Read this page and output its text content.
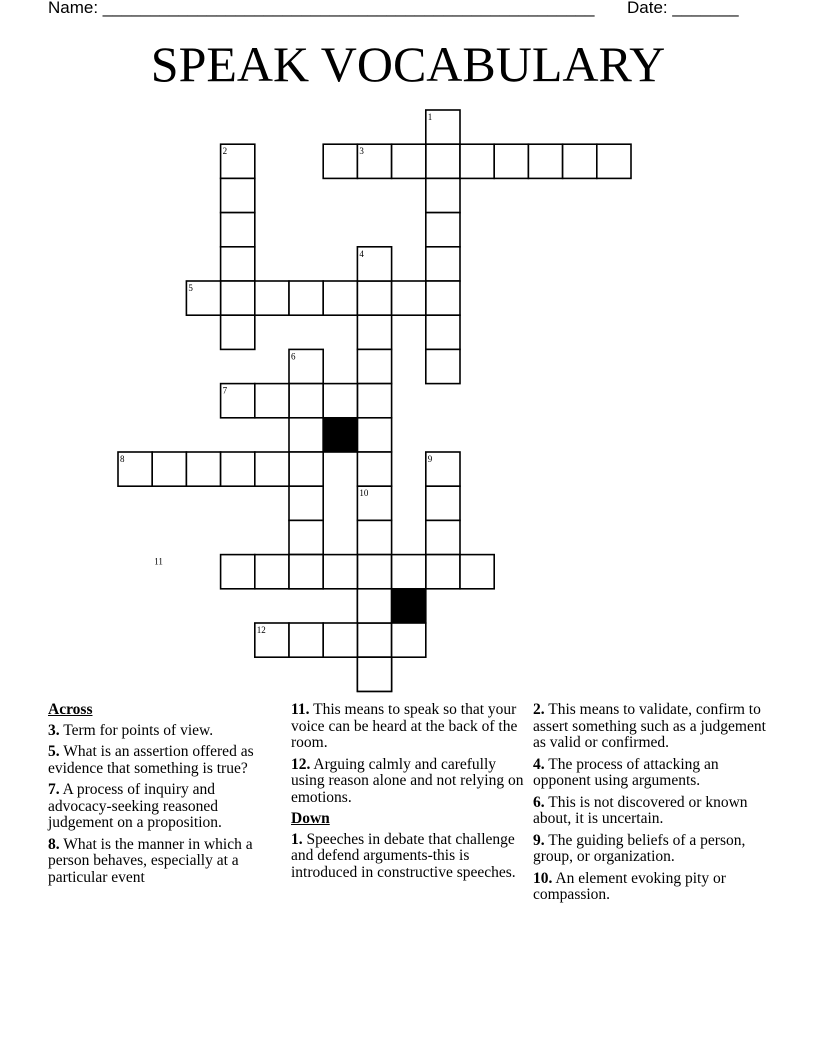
Name: ____________________________________________________ Date: _______
SPEAK VOCABULARY
1
2	3
4
5
6
7
8	9
10
11
12
Across
3. Term for points of view.
5. What is an assertion offered as evidence that something is true?
7. A process of inquiry and advocacy-seeking reasoned judgement on a proposition.
8. What is the manner in which a person behaves, especially at a particular event
11. This means to speak so that your voice can be heard at the back of the room.
12. Arguing calmly and carefully using reason alone and not relying on emotions.
Down
1. Speeches in debate that challenge and defend arguments-this is introduced in constructive speeches.
2. This means to validate, confirm to assert something such as a judgement as valid or confirmed.
4. The process of attacking an opponent using arguments.
6. This is not discovered or known about, it is uncertain.
9. The guiding beliefs of a person, group, or organization.
10. An element evoking pity or compassion.
